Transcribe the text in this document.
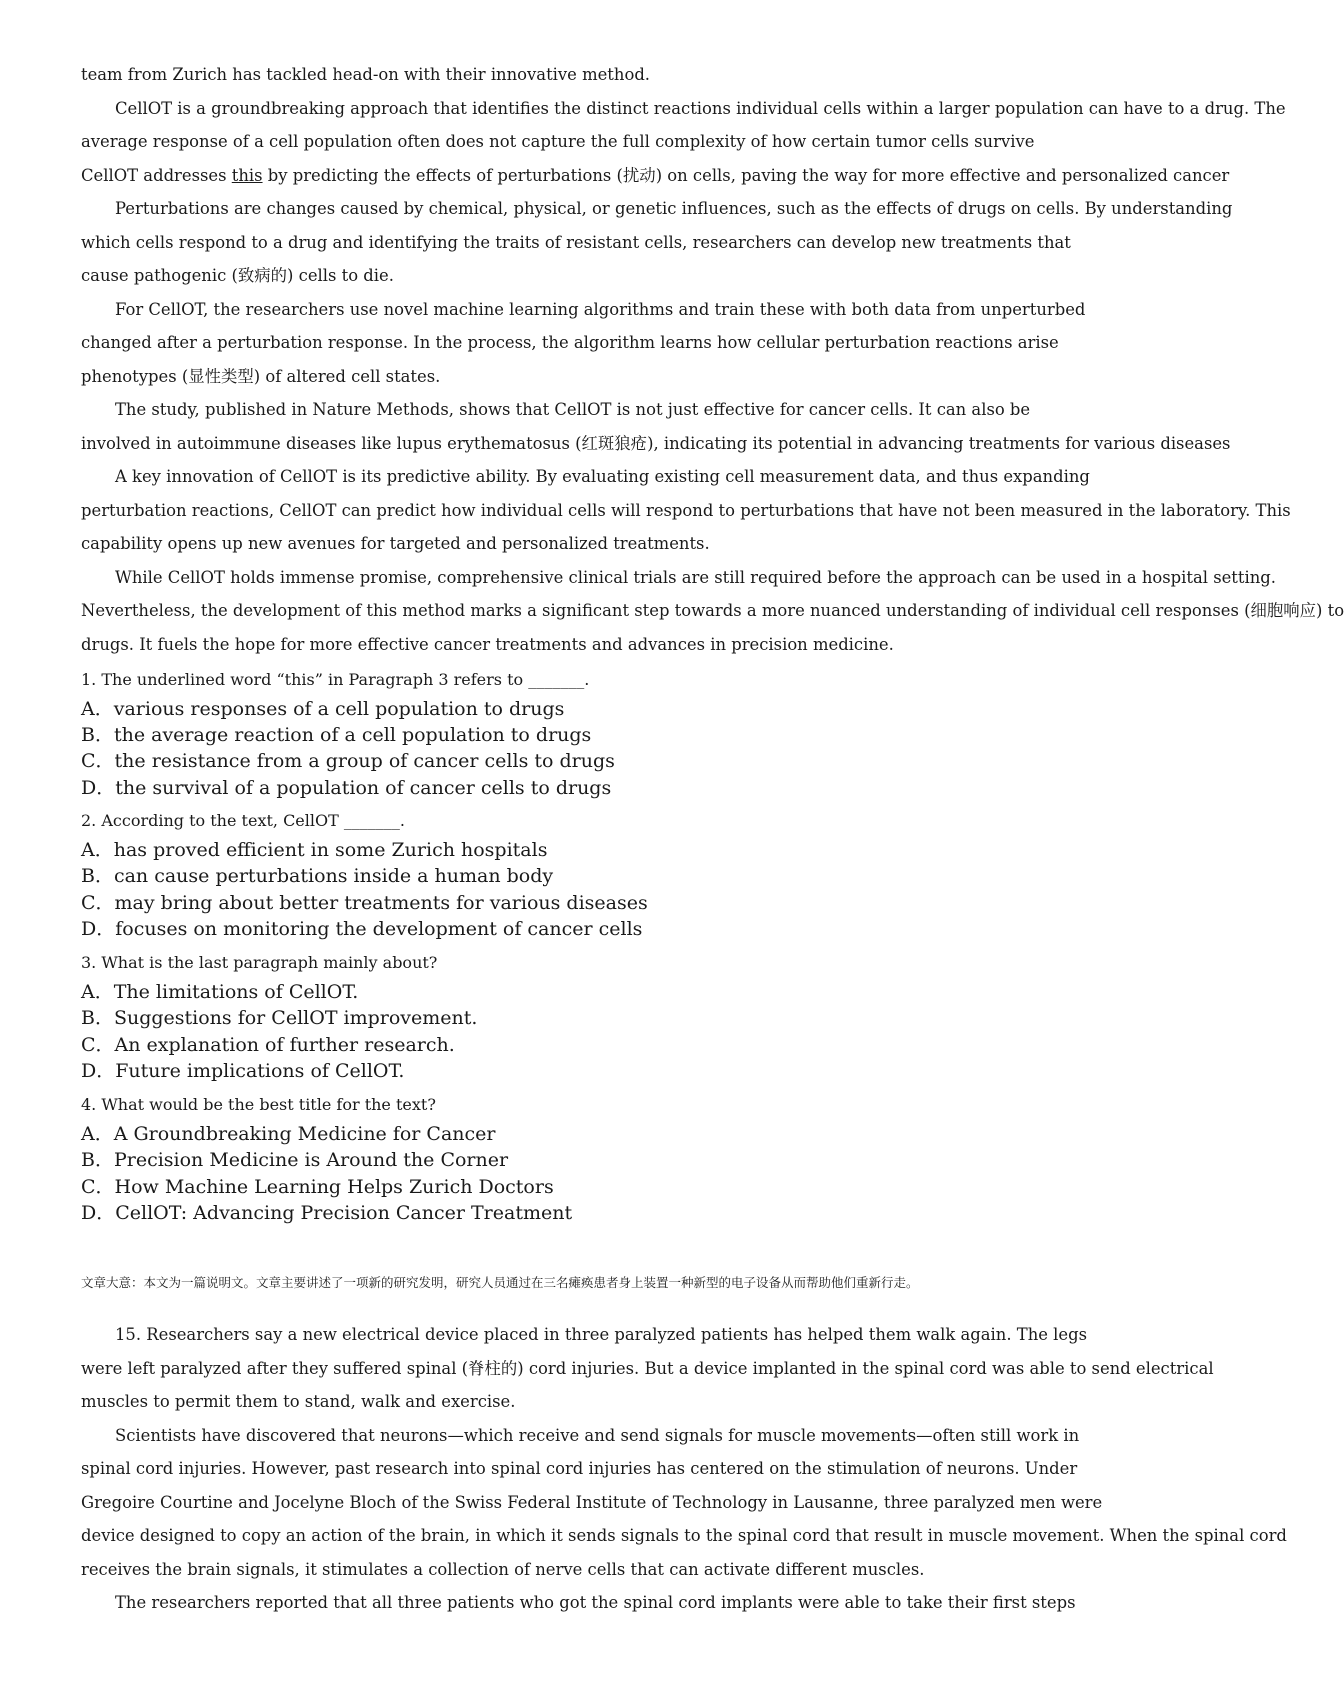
team from Zurich has tackled head-on with their innovative method.
CellOT is a groundbreaking approach that identifies the distinct reactions individual cells within a larger population can have to a drug. The
average response of a cell population often does not capture the full complexity of how certain tumor cells survive
CellOT addresses this by predicting the effects of perturbations (扰动) on cells, paving the way for more effective and personalized cancer
Perturbations are changes caused by chemical, physical, or genetic influences, such as the effects of drugs on cells. By understanding
which cells respond to a drug and identifying the traits of resistant cells, researchers can develop new treatments that
cause pathogenic (致病的) cells to die.
For CellOT, the researchers use novel machine learning algorithms and train these with both data from unperturbed
changed after a perturbation response. In the process, the algorithm learns how cellular perturbation reactions arise
phenotypes (显性类型) of altered cell states.
The study, published in Nature Methods, shows that CellOT is not just effective for cancer cells. It can also be
involved in autoimmune diseases like lupus erythematosus (红斑狼疮), indicating its potential in advancing treatments for various diseases
A key innovation of CellOT is its predictive ability. By evaluating existing cell measurement data, and thus expanding
perturbation reactions, CellOT can predict how individual cells will respond to perturbations that have not been measured in the laboratory. This
capability opens up new avenues for targeted and personalized treatments.
While CellOT holds immense promise, comprehensive clinical trials are still required before the approach can be used in a hospital setting.
Nevertheless, the development of this method marks a significant step towards a more nuanced understanding of individual cell responses (细胞响应) to
drugs. It fuels the hope for more effective cancer treatments and advances in precision medicine.
1. The underlined word “this” in Paragraph 3 refers to _______.
A．various responses of a cell population to drugs
B．the average reaction of a cell population to drugs
C．the resistance from a group of cancer cells to drugs
D．the survival of a population of cancer cells to drugs
2. According to the text, CellOT _______.
A．has proved efficient in some Zurich hospitals
B．can cause perturbations inside a human body
C．may bring about better treatments for various diseases
D．focuses on monitoring the development of cancer cells
3. What is the last paragraph mainly about?
A．The limitations of CellOT.
B．Suggestions for CellOT improvement.
C．An explanation of further research.
D．Future implications of CellOT.
4. What would be the best title for the text?
A．A Groundbreaking Medicine for Cancer
B．Precision Medicine is Around the Corner
C．How Machine Learning Helps Zurich Doctors
D．CellOT: Advancing Precision Cancer Treatment
文章大意：本文为一篇说明文。文章主要讲述了一项新的研究发明，研究人员通过在三名瘫痪患者身上装置一种新型的电子设备从而帮助他们重新行走。
15. Researchers say a new electrical device placed in three paralyzed patients has helped them walk again. The legs
were left paralyzed after they suffered spinal (脊柱的) cord injuries. But a device implanted in the spinal cord was able to send electrical
muscles to permit them to stand, walk and exercise.
Scientists have discovered that neurons—which receive and send signals for muscle movements—often still work in
spinal cord injuries. However, past research into spinal cord injuries has centered on the stimulation of neurons. Under
Gregoire Courtine and Jocelyne Bloch of the Swiss Federal Institute of Technology in Lausanne, three paralyzed men were
device designed to copy an action of the brain, in which it sends signals to the spinal cord that result in muscle movement. When the spinal cord
receives the brain signals, it stimulates a collection of nerve cells that can activate different muscles.
The researchers reported that all three patients who got the spinal cord implants were able to take their first steps
